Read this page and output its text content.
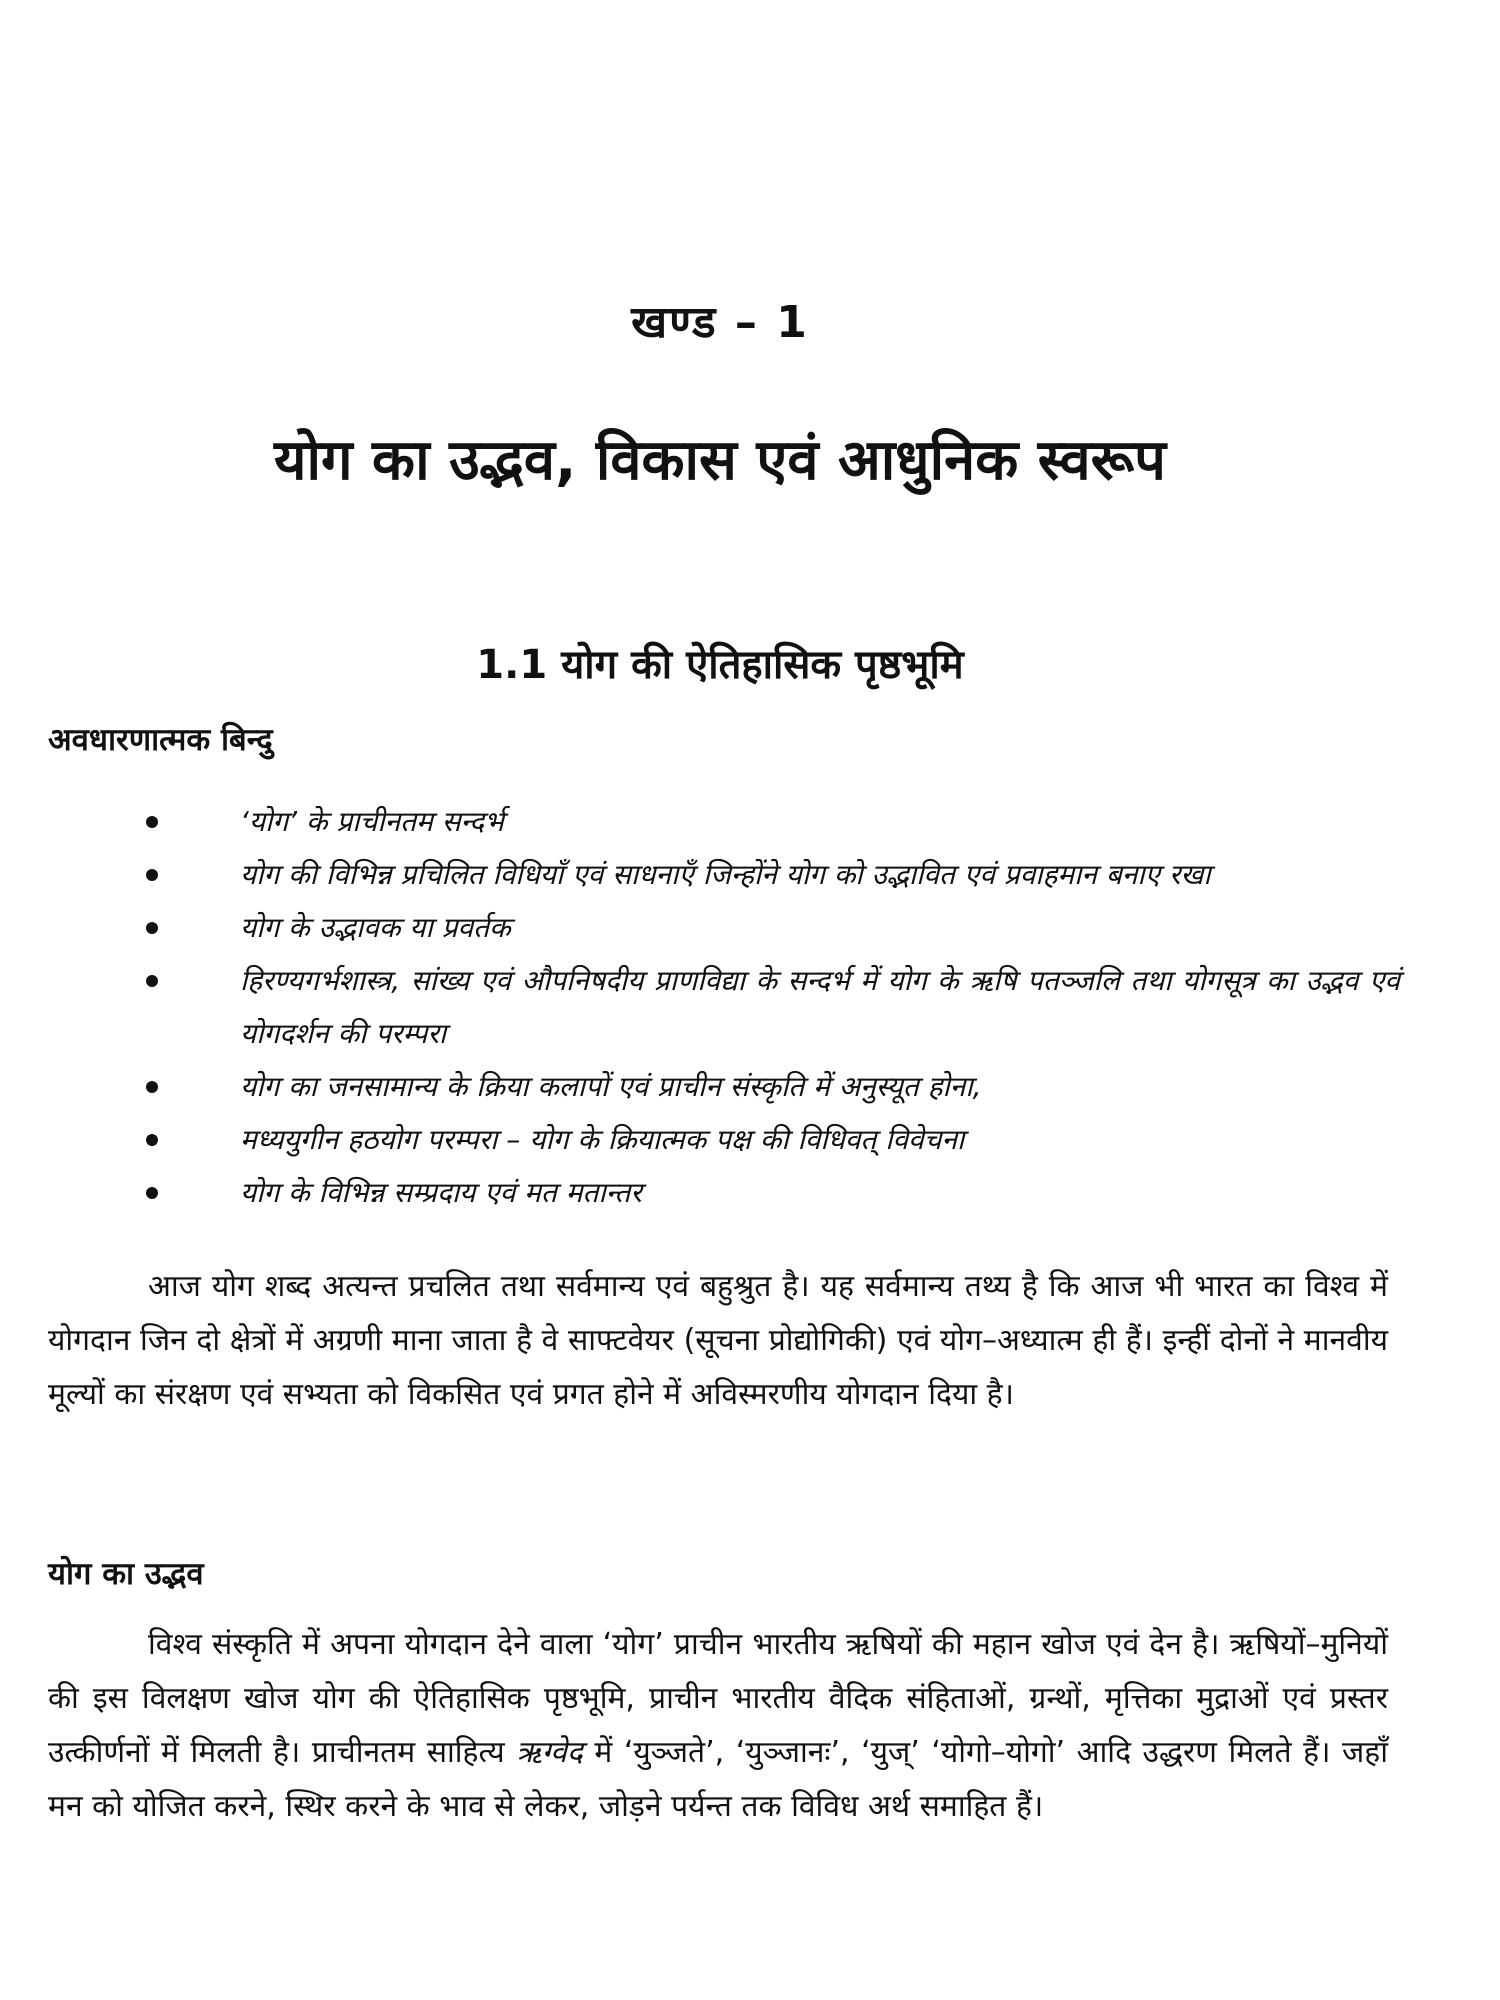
खण्ड – 1
योग का उद्भव, विकास एवं आधुनिक स्वरूप
1.1 योग की ऐतिहासिक पृष्ठभूमि
अवधारणात्मक बिन्दु
‘योग’ के प्राचीनतम सन्दर्भ
योग की विभिन्न प्रचिलित विधियाँ एवं साधनाएँ जिन्होंने योग को उद्भावित एवं प्रवाहमान बनाए रखा
योग के उद्भावक या प्रवर्तक
हिरण्यगर्भशास्त्र, सांख्य एवं औपनिषदीय प्राणविद्या के सन्दर्भ में योग के ऋषि पतञ्जलि तथा योगसूत्र का उद्भव एवं योगदर्शन की परम्परा
योग का जनसामान्य के क्रिया कलापों एवं प्राचीन संस्कृति में अनुस्यूत होना,
मध्ययुगीन हठयोग परम्परा – योग के क्रियात्मक पक्ष की विधिवत् विवेचना
योग के विभिन्न सम्प्रदाय एवं मत मतान्तर

आज योग शब्द अत्यन्त प्रचलित तथा सर्वमान्य एवं बहुश्रुत है। यह सर्वमान्य तथ्य है कि आज भी भारत का विश्व में योगदान जिन दो क्षेत्रों में अग्रणी माना जाता है वे साफ्टवेयर (सूचना प्रोद्योगिकी) एवं योग–अध्यात्म ही हैं। इन्हीं दोनों ने मानवीय मूल्यों का संरक्षण एवं सभ्यता को विकसित एवं प्रगत होने में अविस्मरणीय योगदान दिया है।

योग का उद्भव

विश्व संस्कृति में अपना योगदान देने वाला ‘योग’ प्राचीन भारतीय ऋषियों की महान खोज एवं देन है। ऋषियों–मुनियों की इस विलक्षण खोज योग की ऐतिहासिक पृष्ठभूमि, प्राचीन भारतीय वैदिक संहिताओं, ग्रन्थों, मृत्तिका मुद्राओं एवं प्रस्तर उत्कीर्णनों में मिलती है। प्राचीनतम साहित्य ऋग्वेद में ‘युञ्जते’, ‘युञ्जानः’, ‘युज्’ ‘योगो–योगो’ आदि उद्धरण मिलते हैं। जहाँ मन को योजित करने, स्थिर करने के भाव से लेकर, जोड़ने पर्यन्त तक विविध अर्थ समाहित हैं।
